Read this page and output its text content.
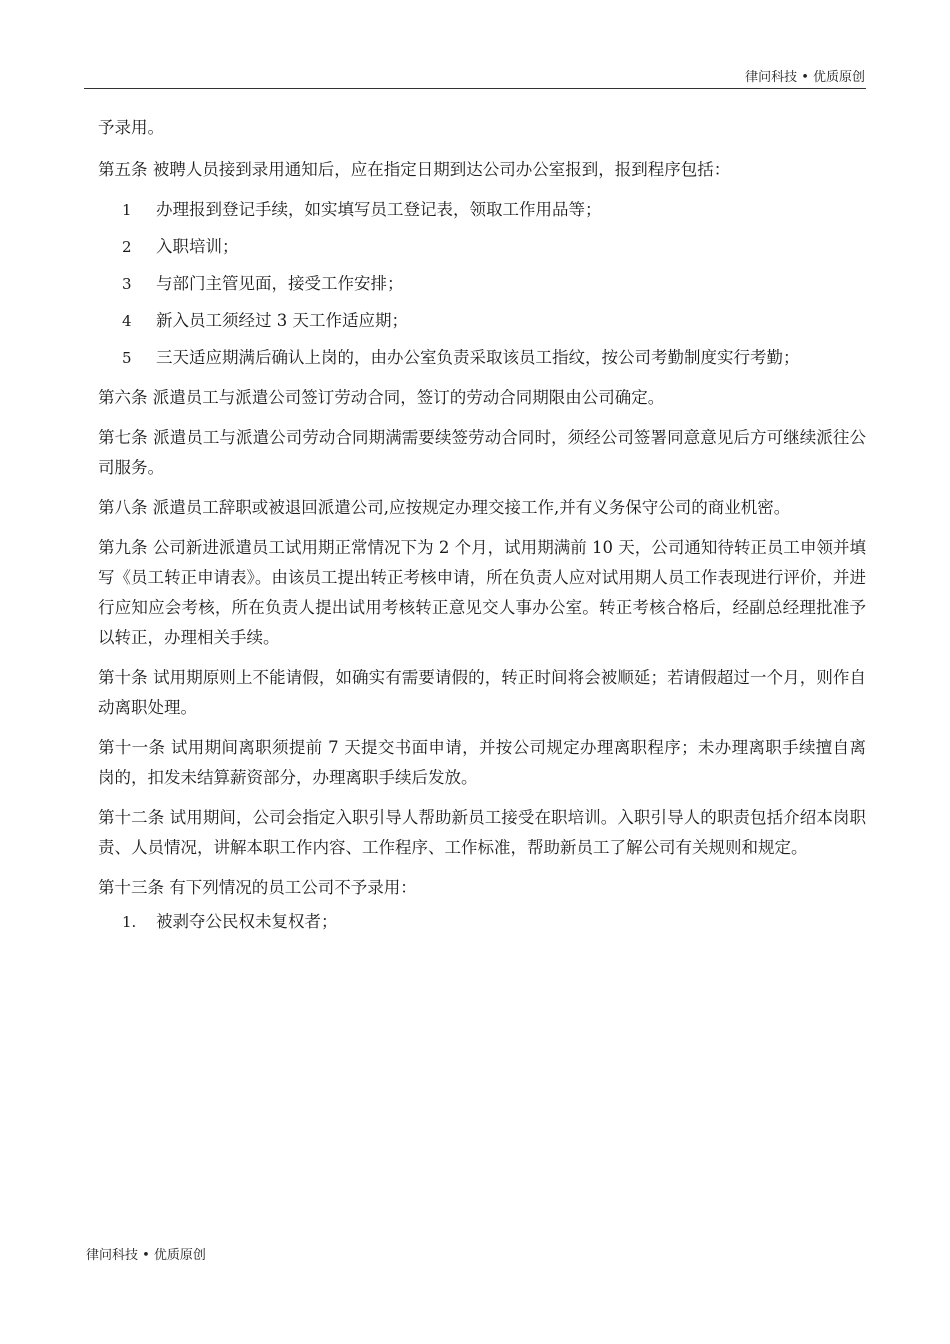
律问科技 • 优质原创

予录用。

第五条 被聘人员接到录用通知后，应在指定日期到达公司办公室报到，报到程序包括：

1 办理报到登记手续，如实填写员工登记表，领取工作用品等；
2 入职培训；
3 与部门主管见面，接受工作安排；
4 新入员工须经过 3 天工作适应期；
5 三天适应期满后确认上岗的，由办公室负责采取该员工指纹，按公司考勤制度实行考勤；

第六条 派遣员工与派遣公司签订劳动合同，签订的劳动合同期限由公司确定。

第七条 派遣员工与派遣公司劳动合同期满需要续签劳动合同时，须经公司签署同意意见后方可继续派往公司服务。

第八条 派遣员工辞职或被退回派遣公司,应按规定办理交接工作,并有义务保守公司的商业机密。

第九条 公司新进派遣员工试用期正常情况下为 2 个月，试用期满前 10 天，公司通知待转正员工申领并填写《员工转正申请表》。由该员工提出转正考核申请，所在负责人应对试用期人员工作表现进行评价，并进行应知应会考核，所在负责人提出试用考核转正意见交人事办公室。转正考核合格后，经副总经理批准予以转正，办理相关手续。

第十条 试用期原则上不能请假，如确实有需要请假的，转正时间将会被顺延；若请假超过一个月，则作自动离职处理。

第十一条 试用期间离职须提前 7 天提交书面申请，并按公司规定办理离职程序；未办理离职手续擅自离岗的，扣发未结算薪资部分，办理离职手续后发放。

第十二条 试用期间，公司会指定入职引导人帮助新员工接受在职培训。入职引导人的职责包括介绍本岗职责、人员情况，讲解本职工作内容、工作程序、工作标准，帮助新员工了解公司有关规则和规定。

第十三条 有下列情况的员工公司不予录用：

1. 被剥夺公民权未复权者；
律问科技 • 优质原创
